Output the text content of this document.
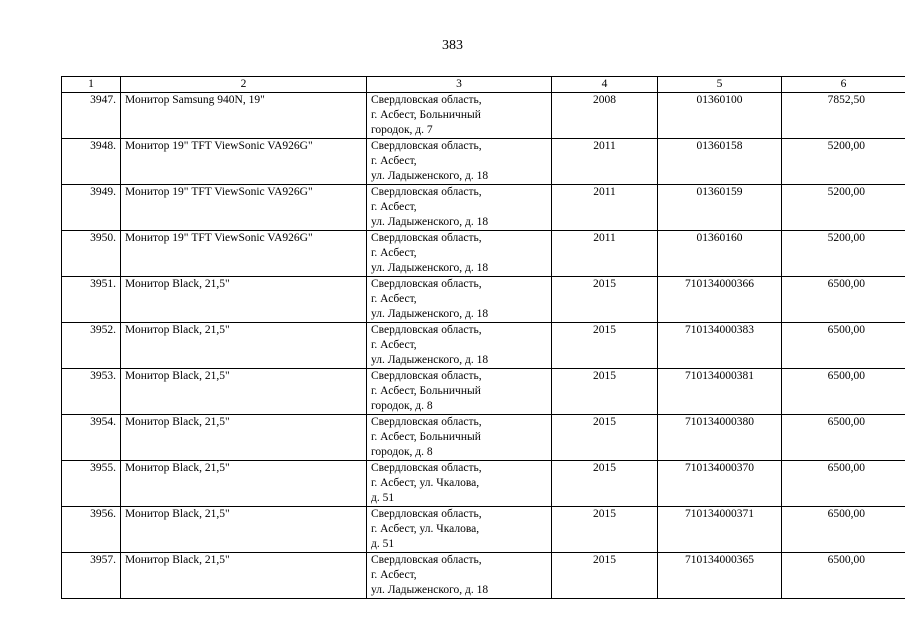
383
1	2	3	4	5	6
3947.	Монитор Samsung 940N, 19"	Свердловская область,
г. Асбест, Больничный
городок, д. 7	2008	01360100	7852,50
3948.	Монитор 19" TFT ViewSonic VA926G"	Свердловская область,
г. Асбест,
ул. Ладыженского, д. 18	2011	01360158	5200,00
3949.	Монитор 19" TFT ViewSonic VA926G"	Свердловская область,
г. Асбест,
ул. Ладыженского, д. 18	2011	01360159	5200,00
3950.	Монитор 19" TFT ViewSonic VA926G"	Свердловская область,
г. Асбест,
ул. Ладыженского, д. 18	2011	01360160	5200,00
3951.	Монитор Black, 21,5"	Свердловская область,
г. Асбест,
ул. Ладыженского, д. 18	2015	710134000366	6500,00
3952.	Монитор Black, 21,5"	Свердловская область,
г. Асбест,
ул. Ладыженского, д. 18	2015	710134000383	6500,00
3953.	Монитор Black, 21,5"	Свердловская область,
г. Асбест, Больничный
городок, д. 8	2015	710134000381	6500,00
3954.	Монитор Black, 21,5"	Свердловская область,
г. Асбест, Больничный
городок, д. 8	2015	710134000380	6500,00
3955.	Монитор Black, 21,5"	Свердловская область,
г. Асбест, ул. Чкалова,
д. 51	2015	710134000370	6500,00
3956.	Монитор Black, 21,5"	Свердловская область,
г. Асбест, ул. Чкалова,
д. 51	2015	710134000371	6500,00
3957.	Монитор Black, 21,5"	Свердловская область,
г. Асбест,
ул. Ладыженского, д. 18	2015	710134000365	6500,00
